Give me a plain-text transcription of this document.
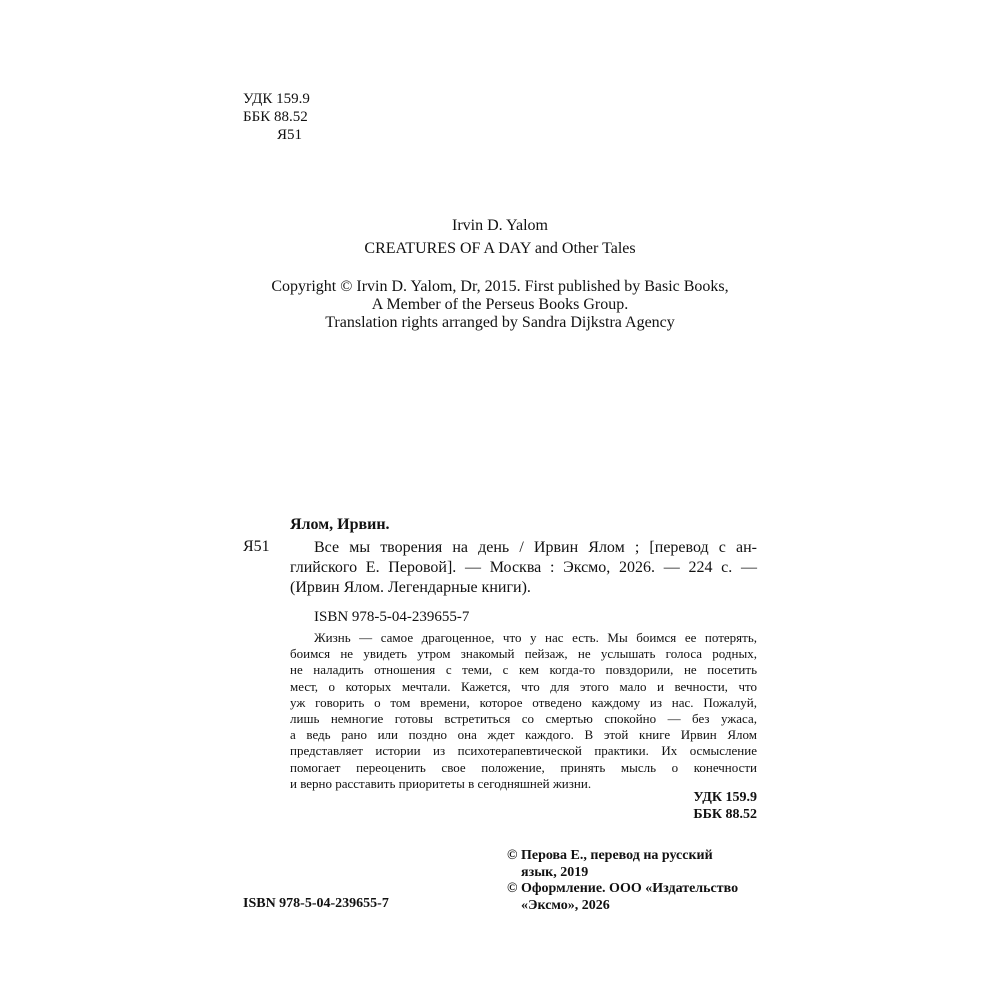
УДК 159.9
ББК 88.52
Я51
Irvin D. Yalom
CREATURES OF A DAY and Other Tales
Copyright © Irvin D. Yalom, Dr, 2015. First published by Basic Books,
A Member of the Perseus Books Group.
Translation rights arranged by Sandra Dijkstra Agency
Ялом, Ирвин.
Я51	Все мы творения на день / Ирвин Ялом ; [перевод с ан-
глийского Е. Перовой]. — Москва : Эксмо, 2026. — 224 с. —
(Ирвин Ялом. Легендарные книги).
ISBN 978-5-04-239655-7
Жизнь — самое драгоценное, что у нас есть. Мы боимся ее потерять,
боимся не увидеть утром знакомый пейзаж, не услышать голоса родных,
не наладить отношения с теми, с кем когда-то повздорили, не посетить
мест, о которых мечтали. Кажется, что для этого мало и вечности, что
уж говорить о том времени, которое отведено каждому из нас. Пожалуй,
лишь немногие готовы встретиться со смертью спокойно — без ужаса,
а ведь рано или поздно она ждет каждого. В этой книге Ирвин Ялом
представляет истории из психотерапевтической практики. Их осмысление
помогает переоценить свое положение, принять мысль о конечности
и верно расставить приоритеты в сегодняшней жизни.
УДК 159.9
ББК 88.52
© Перова Е., перевод на русский
язык, 2019
© Оформление. ООО «Издательство
«Эксмо», 2026
ISBN 978-5-04-239655-7
